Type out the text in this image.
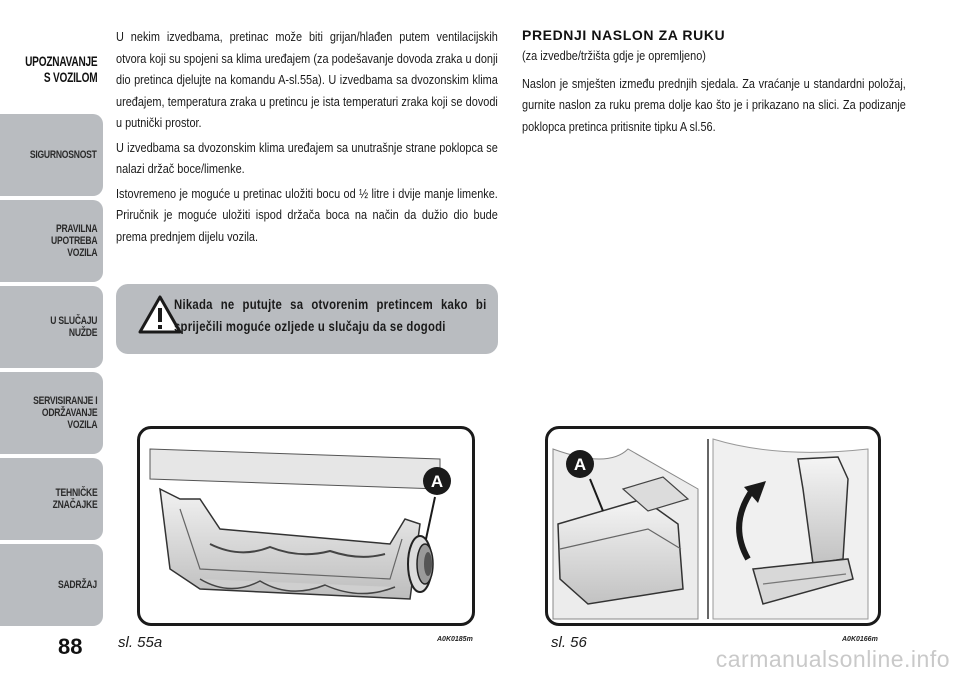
UPOZNAVANJE
S VOZILOM
SIGURNOSNOST
PRAVILNA
UPOTREBA
VOZILA
U SLUČAJU
NUŽDE
SERVISIRANJE I
ODRŽAVANJE
VOZILA
TEHNIČKE
ZNAČAJKE
SADRŽAJ
88

U nekim izvedbama, pretinac može biti grijan/hlađen putem ventilacijskih otvora koji su spojeni sa klima uređajem (za podešavanje dovoda zraka u donji dio pretinca djelujte na komandu A-sl.55a). U izvedbama sa dvozonskim klima uređajem, temperatura zraka u pretincu je ista temperaturi zraka koji se dovodi u putnički prostor.

U izvedbama sa dvozonskim klima uređajem sa unutrašnje strane poklopca se nalazi držač boce/limenke.

Istovremeno je moguće u pretinac uložiti bocu od ½ litre i dvije manje limenke. Priručnik je moguće uložiti ispod držača boca na način da dužio dio bude prema prednjem dijelu vozila.

Nikada ne putujte sa otvorenim pretincem kako bi spriječili moguće ozljede u slučaju da se dogodi
PREDNJI NASLON ZA RUKU

(za izvedbe/tržišta gdje je opremljeno)

Naslon je smješten između prednjih sjedala. Za vraćanje u standardni položaj, gurnite naslon za ruku prema dolje kao što je i prikazano na slici. Za podizanje poklopca pretinca pritisnite tipku A sl.56.

A
sl. 55a	A0K0185m
A
sl. 56	A0K0166m
carmanualsonline.info
